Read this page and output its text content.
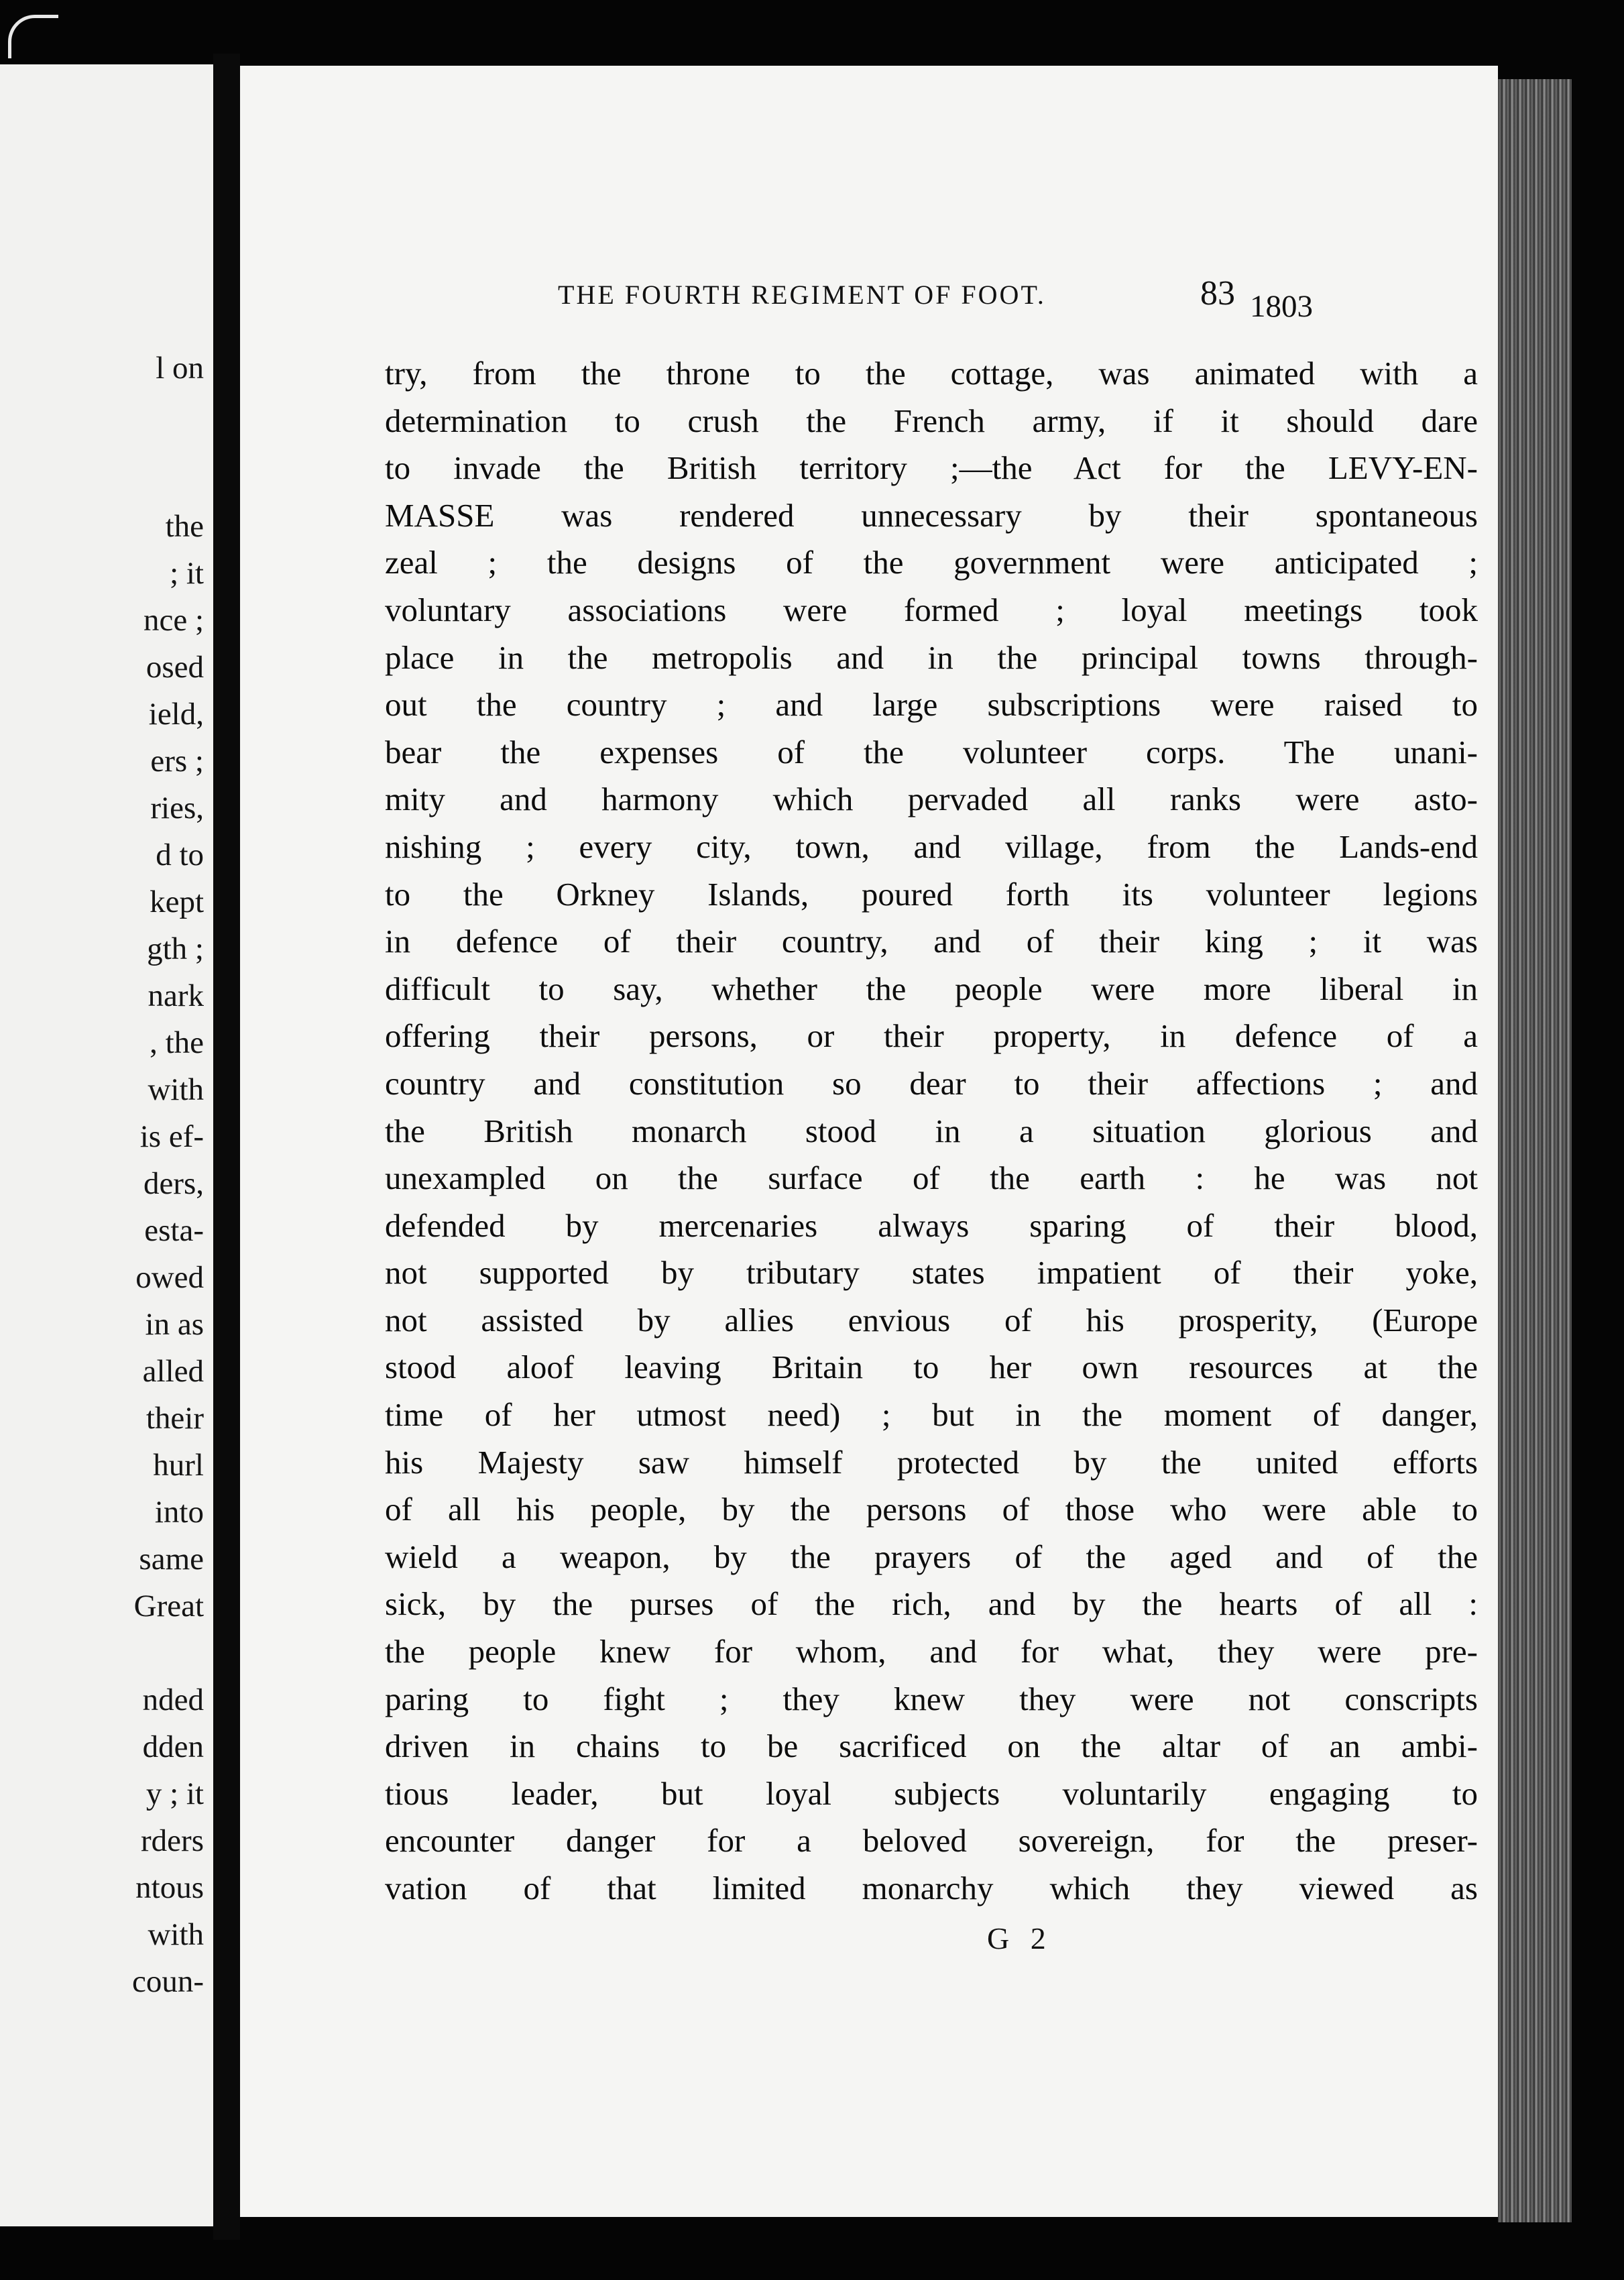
l on
the
; it
nce ;
osed
ield,
ers ;
ries,
d to
kept
gth ;
nark
, the
with
is ef-
ders,
esta-
owed
in as
alled
their
hurl
into
same
Great
nded
dden
y ; it
rders
ntous
with
coun-
THE FOURTH REGIMENT OF FOOT.	83
try, from the throne to the cottage, was animated with a
determination to crush the French army, if it should dare
to invade the British territory ;—the Act for the LEVY-EN-
MASSE was rendered unnecessary by their spontaneous
zeal ; the designs of the government were anticipated ;
voluntary associations were formed ; loyal meetings took
place in the metropolis and in the principal towns through-
out the country ; and large subscriptions were raised to
bear the expenses of the volunteer corps. The unani-
mity and harmony which pervaded all ranks were asto-
nishing ; every city, town, and village, from the Lands-end
to the Orkney Islands, poured forth its volunteer legions
in defence of their country, and of their king ; it was
difficult to say, whether the people were more liberal in
offering their persons, or their property, in defence of a
country and constitution so dear to their affections ; and
the British monarch stood in a situation glorious and
unexampled on the surface of the earth : he was not
defended by mercenaries always sparing of their blood,
not supported by tributary states impatient of their yoke,
not assisted by allies envious of his prosperity, (Europe
stood aloof leaving Britain to her own resources at the
time of her utmost need) ; but in the moment of danger,
his Majesty saw himself protected by the united efforts
of all his people, by the persons of those who were able to
wield a weapon, by the prayers of the aged and of the
sick, by the purses of the rich, and by the hearts of all :
the people knew for whom, and for what, they were pre-
paring to fight ; they knew they were not conscripts
driven in chains to be sacrificed on the altar of an ambi-
tious leader, but loyal subjects voluntarily engaging to
encounter danger for a beloved sovereign, for the preser-
vation of that limited monarchy which they viewed as
G 2
1803
